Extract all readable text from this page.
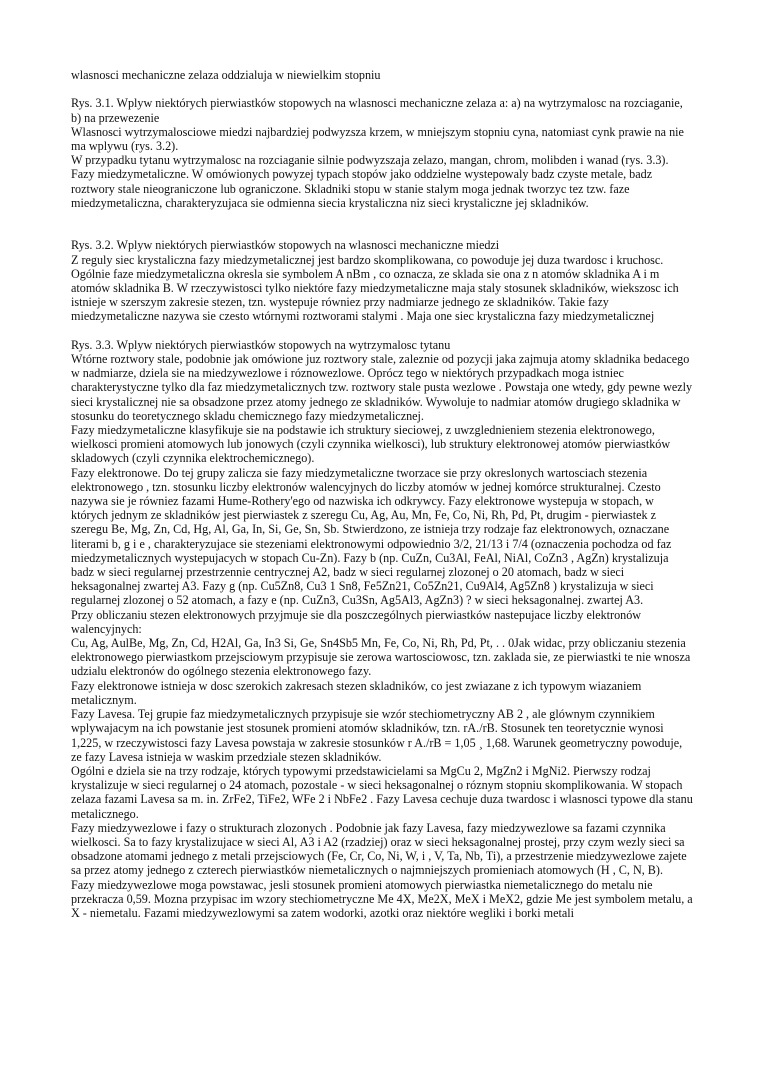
wlasnosci mechaniczne zelaza oddzialuja w niewielkim stopniu

Rys. 3.1. Wplyw niektórych pierwiastków stopowych na wlasnosci mechaniczne zelaza a: a) na wytrzymalosc na rozciaganie, b) na przewezenie

Wlasnosci wytrzymalosciowe miedzi najbardziej podwyzsza krzem, w mniejszym stopniu cyna, natomiast cynk prawie na nie ma wplywu (rys. 3.2).

W przypadku tytanu wytrzymalosc na rozciaganie silnie podwyzszaja zelazo, mangan, chrom, molibden i wanad (rys. 3.3).

Fazy miedzymetaliczne. W omówionych powyzej typach stopów jako oddzielne wystepowaly badz czyste metale, badz roztwory stale nieograniczone lub ograniczone. Skladniki stopu w stanie stalym moga jednak tworzyc tez tzw. faze miedzymetaliczna, charakteryzujaca sie odmienna siecia krystaliczna niz sieci krystaliczne jej skladników.

Rys. 3.2. Wplyw niektórych pierwiastków stopowych na wlasnosci mechaniczne miedzi

Z reguly siec krystaliczna fazy miedzymetalicznej jest bardzo skomplikowana, co powoduje jej duza twardosc i kruchosc.

Ogólnie faze miedzymetaliczna okresla sie symbolem A nBm , co oznacza, ze sklada sie ona z n atomów skladnika A i m atomów skladnika B. W rzeczywistosci tylko niektóre fazy miedzymetaliczne maja staly stosunek skladników, wiekszosc ich istnieje w szerszym zakresie stezen, tzn. wystepuje równiez przy nadmiarze jednego ze skladników. Takie fazy miedzymetaliczne nazywa sie czesto wtórnymi roztworami stalymi . Maja one siec krystaliczna fazy miedzymetalicznej

Rys. 3.3. Wplyw niektórych pierwiastków stopowych na wytrzymalosc tytanu

Wtórne roztwory stale, podobnie jak omówione juz roztwory stale, zaleznie od pozycji jaka zajmuja atomy skladnika bedacego w nadmiarze, dziela sie na miedzywezlowe i róznowezlowe. Oprócz tego w niektórych przypadkach moga istniec charakterystyczne tylko dla faz miedzymetalicznych tzw. roztwory stale pusta wezlowe . Powstaja one wtedy, gdy pewne wezly sieci krystalicznej nie sa obsadzone przez atomy jednego ze skladników. Wywoluje to nadmiar atomów drugiego skladnika w stosunku do teoretycznego skladu chemicznego fazy miedzymetalicznej.

Fazy miedzymetaliczne klasyfikuje sie na podstawie ich struktury sieciowej, z uwzglednieniem stezenia elektronowego, wielkosci promieni atomowych lub jonowych (czyli czynnika wielkosci), lub struktury elektronowej atomów pierwiastków skladowych (czyli czynnika elektrochemicznego).

Fazy elektronowe. Do tej grupy zalicza sie fazy miedzymetaliczne tworzace sie przy okreslonych wartosciach stezenia elektronowego , tzn. stosunku liczby elektronów walencyjnych do liczby atomów w jednej komórce strukturalnej. Czesto nazywa sie je równiez fazami Hume-Rothery'ego od nazwiska ich odkrywcy. Fazy elektronowe wystepuja w stopach, w których jednym ze skladników jest pierwiastek z szeregu Cu, Ag, Au, Mn, Fe, Co, Ni, Rh, Pd, Pt, drugim - pierwiastek z szeregu Be, Mg, Zn, Cd, Hg, Al, Ga, In, Si, Ge, Sn, Sb. Stwierdzono, ze istnieja trzy rodzaje faz elektronowych, oznaczane literami b, g i e , charakteryzujace sie stezeniami elektronowymi odpowiednio 3/2, 21/13 i 7/4 (oznaczenia pochodza od faz miedzymetalicznych wystepujacych w stopach Cu-Zn). Fazy b (np. CuZn, Cu3Al, FeAl, NiAl, CoZn3 , AgZn) krystalizuja badz w sieci regularnej przestrzennie centrycznej A2, badz w sieci regularnej zlozonej o 20 atomach, badz w sieci heksagonalnej zwartej A3. Fazy g (np. Cu5Zn8, Cu3 1 Sn8, Fe5Zn21, Co5Zn21, Cu9Al4, Ag5Zn8 ) krystalizuja w sieci regularnej zlozonej o 52 atomach, a fazy e (np. CuZn3, Cu3Sn, Ag5Al3, AgZn3) ? w sieci heksagonalnej. zwartej A3.

Przy obliczaniu stezen elektronowych przyjmuje sie dla poszczególnych pierwiastków nastepujace liczby elektronów walencyjnych:

Cu, Ag, AulBe, Mg, Zn, Cd, H2Al, Ga, In3 Si, Ge, Sn4Sb5 Mn, Fe, Co, Ni, Rh, Pd, Pt, . . 0Jak widac, przy obliczaniu stezenia elektronowego pierwiastkom przejsciowym przypisuje sie zerowa wartosciowosc, tzn. zaklada sie, ze pierwiastki te nie wnosza udzialu elektronów do ogólnego stezenia elektronowego fazy.

Fazy elektronowe istnieja w dosc szerokich zakresach stezen skladników, co jest zwiazane z ich typowym wiazaniem metalicznym.

Fazy Lavesa. Tej grupie faz miedzymetalicznych przypisuje sie wzór stechiometryczny AB 2 , ale glównym czynnikiem wplywajacym na ich powstanie jest stosunek promieni atomów skladników, tzn. rA./rB. Stosunek ten teoretycznie wynosi 1,225, w rzeczywistosci fazy Lavesa powstaja w zakresie stosunków r A./rB = 1,05 ¸ 1,68. Warunek geometryczny powoduje, ze fazy Lavesa istnieja w waskim przedziale stezen skladników.

Ogólni e dziela sie na trzy rodzaje, których typowymi przedstawicielami sa MgCu 2, MgZn2 i MgNi2. Pierwszy rodzaj krystalizuje w sieci regularnej o 24 atomach, pozostale - w sieci heksagonalnej o róznym stopniu skomplikowania. W stopach zelaza fazami Lavesa sa m. in. ZrFe2, TiFe2, WFe 2 i NbFe2 . Fazy Lavesa cechuje duza twardosc i wlasnosci typowe dla stanu metalicznego.

Fazy miedzywezlowe i fazy o strukturach zlozonych . Podobnie jak fazy Lavesa, fazy miedzywezlowe sa fazami czynnika wielkosci. Sa to fazy krystalizujace w sieci Al, A3 i A2 (rzadziej) oraz w sieci heksagonalnej prostej, przy czym wezly sieci sa obsadzone atomami jednego z metali przejsciowych (Fe, Cr, Co, Ni, W, i , V, Ta, Nb, Ti), a przestrzenie miedzywezlowe zajete sa przez atomy jednego z czterech pierwiastków niemetalicznych o najmniejszych promieniach atomowych (H , C, N, B).

Fazy miedzywezlowe moga powstawac, jesli stosunek promieni atomowych pierwiastka niemetalicznego do metalu nie przekracza 0,59. Mozna przypisac im wzory stechiometryczne Me 4X, Me2X, MeX i MeX2, gdzie Me jest symbolem metalu, a X - niemetalu. Fazami miedzywezlowymi sa zatem wodorki, azotki oraz niektóre wegliki i borki metali
